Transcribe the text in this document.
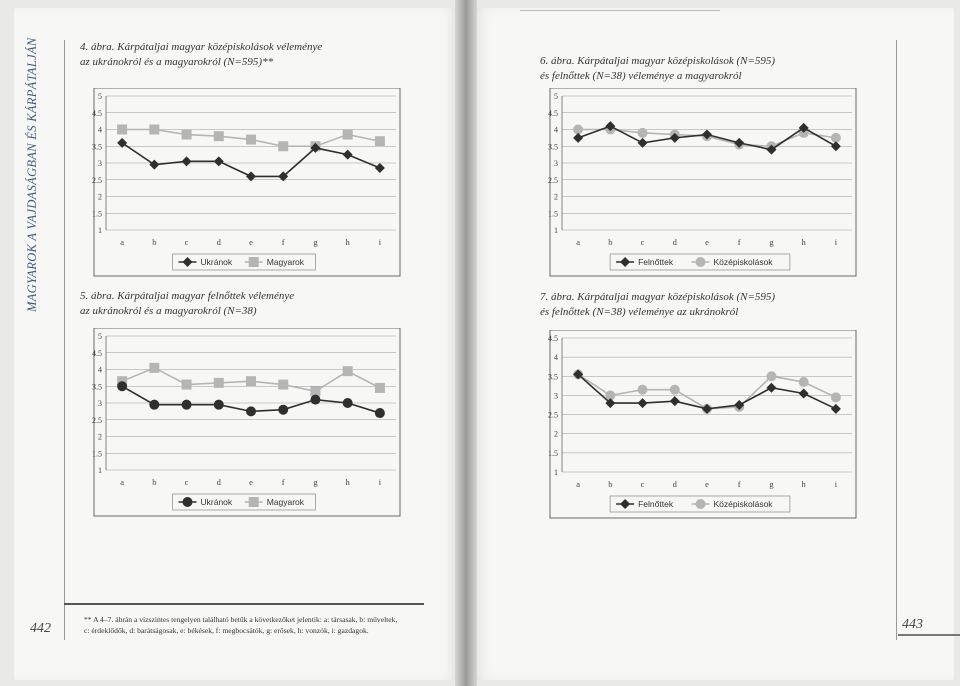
MAGYAROK A VAJDASÁGBAN ÉS KÁRPÁTALJÁN	4. ábra. Kárpátaljai magyar középiskolások véleménye
az ukránokról és a magyarokról (N=595)**
1
1.5
2
2.5
3
3.5
4
4.5
5
a	b	c	d	e	f	g	h	i
Ukránok	Magyarok
5. ábra. Kárpátaljai magyar felnőttek véleménye
az ukránokról és a magyarokról (N=38)
1
1.5
2
2.5
3
3.5
4
4.5
5
a	b	c	d	e	f	g	h	i
Ukránok	Magyarok
6. ábra. Kárpátaljai magyar középiskolások (N=595)
és felnőttek (N=38) véleménye a magyarokról
1
1.5
2
2.5
3
3.5
4
4.5
5
a	b	c	d	e	f	g	h	i
Felnőttek	Középiskolások
7. ábra. Kárpátaljai magyar középiskolások (N=595)
és felnőttek (N=38) véleménye az ukránokról
1
1.5
2
2.5
3
3.5
4
4.5
a	b	c	d	e	f	g	h	i
Felnőttek	Középiskolások
** A 4–7. ábrán a vízszintes tengelyen található betűk a következőket jelentik: a: társasak, b: műveltek,
c: érdeklődők, d: barátságosak, e: békések, f: megbocsátók, g: erősek, h: vonzók, i: gazdagok.
442	443
